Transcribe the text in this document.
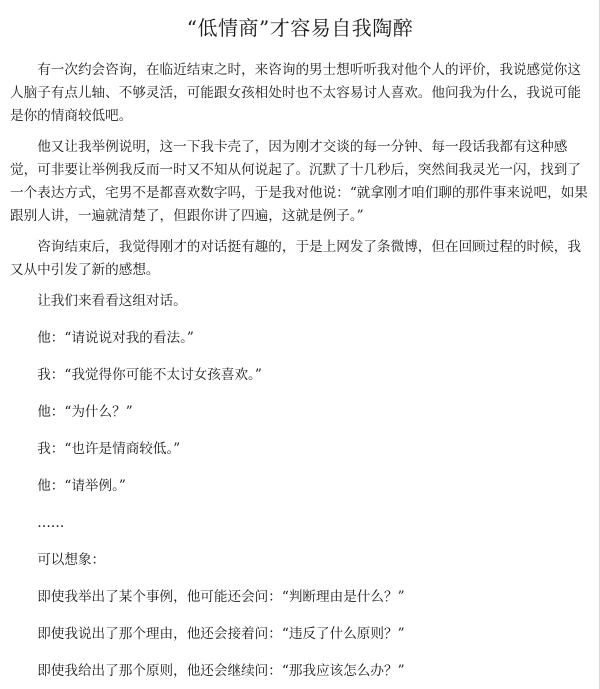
“低情商”才容易自我陶醉

有一次约会咨询，在临近结束之时，来咨询的男士想听听我对他个人的评价，我说感觉你这人脑子有点儿轴、不够灵活，可能跟女孩相处时也不太容易讨人喜欢。他问我为什么，我说可能是你的情商较低吧。

他又让我举例说明，这一下我卡壳了，因为刚才交谈的每一分钟、每一段话我都有这种感觉，可非要让举例我反而一时又不知从何说起了。沉默了十几秒后，突然间我灵光一闪，找到了一个表达方式，宅男不是都喜欢数字吗，于是我对他说：“就拿刚才咱们聊的那件事来说吧，如果跟别人讲，一遍就清楚了，但跟你讲了四遍，这就是例子。”

咨询结束后，我觉得刚才的对话挺有趣的，于是上网发了条微博，但在回顾过程的时候，我又从中引发了新的感想。

让我们来看看这组对话。

他：“请说说对我的看法。”

我：“我觉得你可能不太讨女孩喜欢。”

他：“为什么？”

我：“也许是情商较低。”

他：“请举例。”

……

可以想象：

即使我举出了某个事例，他可能还会问：“判断理由是什么？”

即使我说出了那个理由，他还会接着问：“违反了什么原则？”

即使我给出了那个原则，他还会继续问：“那我应该怎么办？”
